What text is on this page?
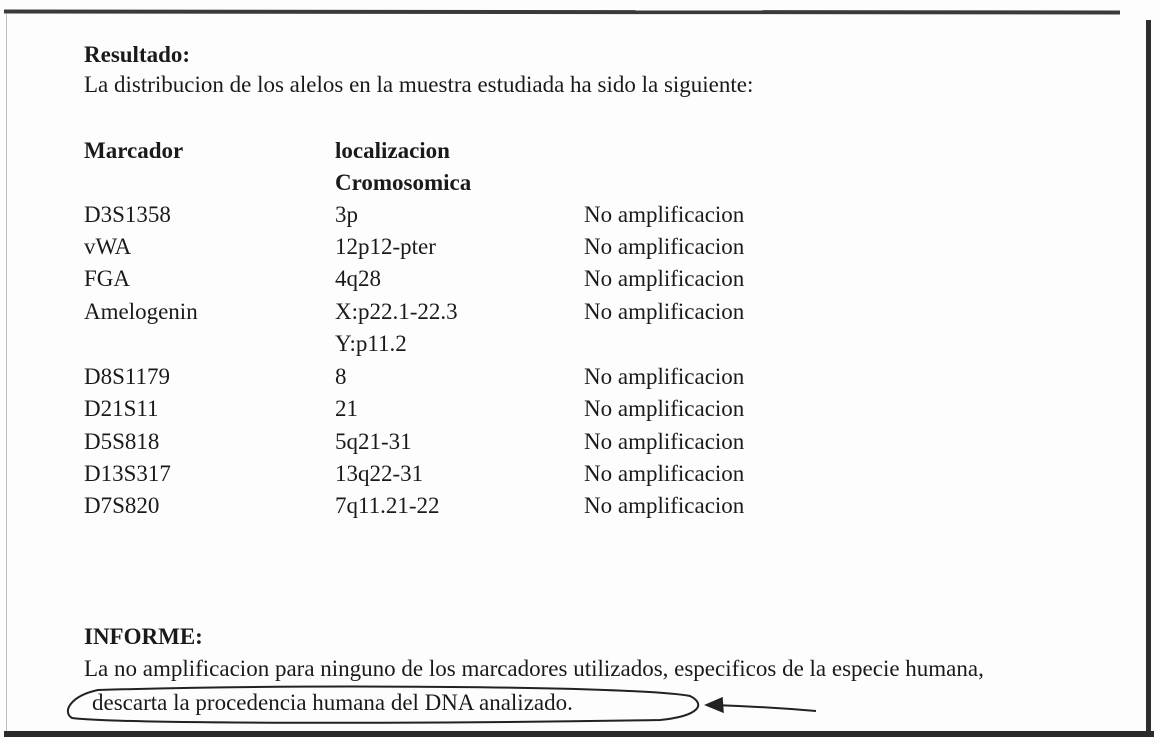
Resultado:
La distribucion de los alelos en la muestra estudiada ha sido la siguiente:
Marcador	localizacion
Cromosomica
D3S1358	3p	No amplificacion
vWA	12p12-pter	No amplificacion
FGA	4q28	No amplificacion
Amelogenin	X:p22.1-22.3	No amplificacion
Y:p11.2
D8S1179	8	No amplificacion
D21S11	21	No amplificacion
D5S818	5q21-31	No amplificacion
D13S317	13q22-31	No amplificacion
D7S820	7q11.21-22	No amplificacion
INFORME:
La no amplificacion para ninguno de los marcadores utilizados, especificos de la especie humana,
descarta la procedencia humana del DNA analizado.
